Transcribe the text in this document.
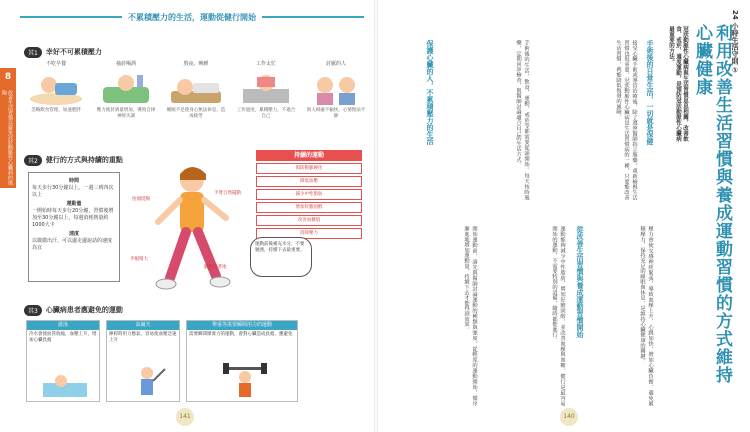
8
改善生活習慣以避免冠狀動脈性心臟病的風險
不累積壓力的生活，運動從健行開始
其1	幸好不可累積壓力
不吃早餐
忽略飲食管理，加速肥胖
抽菸喝酒
壓力使菸酒量增加，導致自律神經失調
熬夜、晚睡
睡眠不足使身心無法休息，造成疲勞
工作太忙
工作過度，累積壓力，不適合自己
討厭的人
與人相處不愉快，心情無法平靜
其2	健行的方式與持續的重點
時間
每天步行30分鐘以上，一週三到四次以上
運動量
一開始時每天步行20分鐘，習慣後增加至30分鐘以上，每週消耗熱量約1000大卡
速度
以微微出汗、可以邊走邊說話的速度為宜
抬頭挺胸
手臂自然擺動
步幅稍大
腳跟先著地
持續的運動
預防動脈硬化
降低血壓
減少中性脂肪
增加好膽固醇
改善血糖值
消除壓力
運動前後補充水分，不要勉強，持續下去最重要。
其3	心臟病患者應避免的運動
游泳
冷水會使血管收縮，血壓上升，增加心臟負擔
高爾夫
揮桿時用力憋氣，容易使血壓急速上升
舉重等需要瞬間用力的運動
需要瞬間爆發力的運動，會對心臟造成負擔，應避免
141
24 小時生活守則 ①
利用改善生活習慣與養成運動習慣的方式維持心臟健康
冠狀動脈性心臟病與生活習慣息息相關，改善飲食、戒菸、適度運動，是預防冠狀動脈性心臟病最重要的方法。
手術後的日常生活，一切就是保健
接受心臟手術或導管治療後，除了遵照醫師指示服藥，重新檢視生活習慣也很重要。冠狀動脈性心臟病是生活習慣病的一種，只要能改善生活習慣，就能降低復發的風險。
手術後的生活，飲食、運動、戒菸等都需要從頭開始。每天按時服藥，定期回診檢查，與醫師討論適合自己的生活方式。
保護心臟的人，不累積壓力的生活
壓力會使交感神經緊張，導致血壓上升、心跳加快，增加心臟負擔。避免累積壓力，保持充足的睡眠與休息，是維持心臟健康的關鍵。
從改善生活習慣與養成運動習慣開始
運動能夠減少中性脂肪、增加好膽固醇，並改善血壓與血糖。健行是最容易開始的運動，不需要特別的設備，隨時都能進行。
開始運動前，請先與醫師討論運動的種類與強度。從輕度的運動開始，循序漸進地增加運動量，持續下去才能得到效果。
140
